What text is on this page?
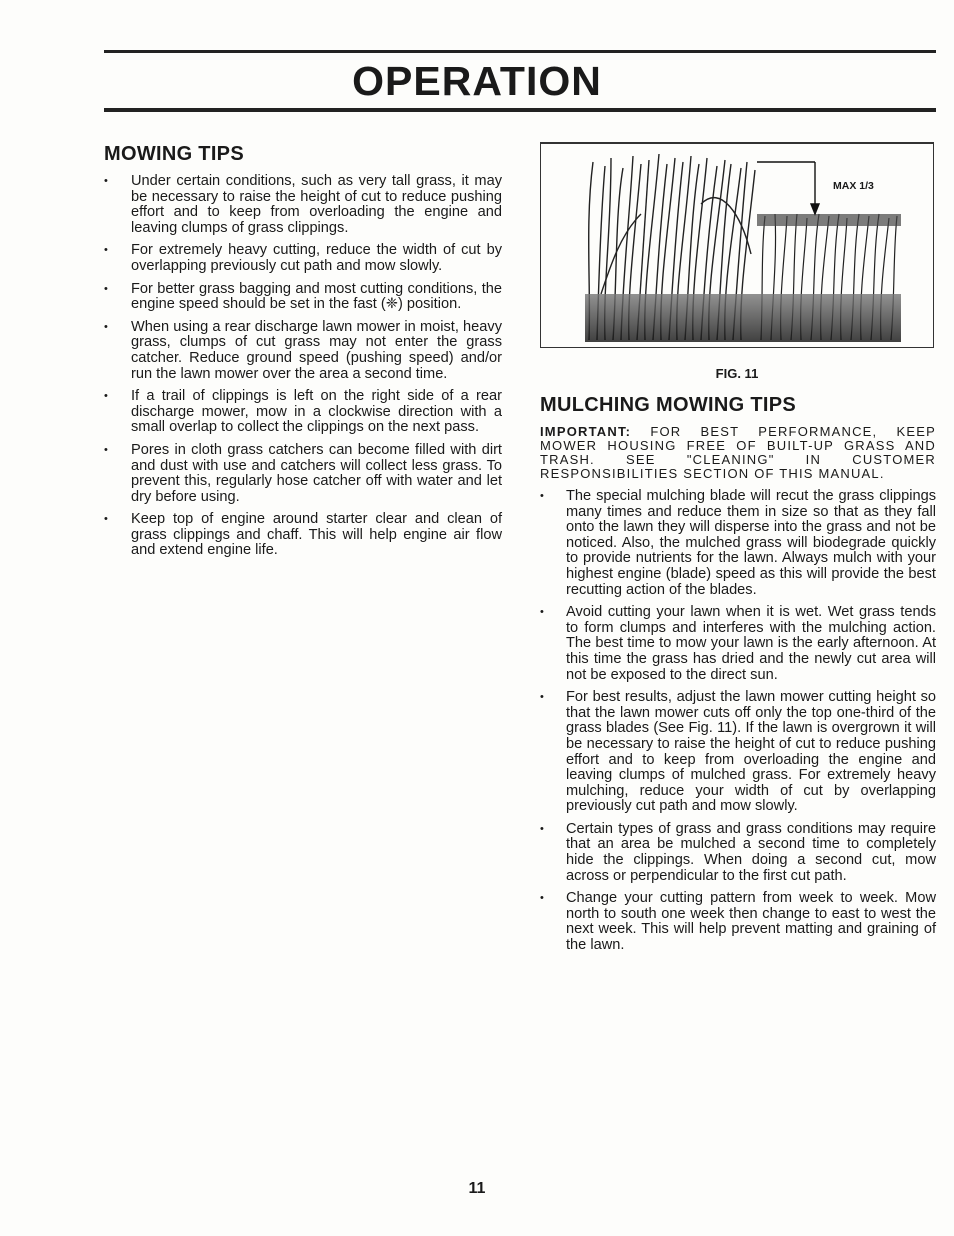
OPERATION
MOWING TIPS
• Under certain conditions, such as very tall grass, it may be necessary to raise the height of cut to reduce pushing effort and to keep from overloading the engine and leaving clumps of grass clippings.
• For extremely heavy cutting, reduce the width of cut by overlapping previously cut path and mow slowly.
• For better grass bagging and most cutting conditions, the engine speed should be set in the fast (❈) position.
• When using a rear discharge lawn mower in moist, heavy grass, clumps of cut grass may not enter the grass catcher. Reduce ground speed (pushing speed) and/or run the lawn mower over the area a second time.
• If a trail of clippings is left on the right side of a rear discharge mower, mow in a clockwise direction with a small overlap to collect the clippings on the next pass.
• Pores in cloth grass catchers can become filled with dirt and dust with use and catchers will collect less grass. To prevent this, regularly hose catcher off with water and let dry before using.
• Keep top of engine around starter clear and clean of grass clippings and chaff. This will help engine air flow and extend engine life.
MAX 1/3
FIG. 11
MULCHING MOWING TIPS

IMPORTANT: FOR BEST PERFORMANCE, KEEP MOWER HOUSING FREE OF BUILT-UP GRASS AND TRASH. SEE "CLEANING" IN CUSTOMER RESPONSIBILITIES SECTION OF THIS MANUAL.

• The special mulching blade will recut the grass clippings many times and reduce them in size so that as they fall onto the lawn they will disperse into the grass and not be noticed. Also, the mulched grass will biodegrade quickly to provide nutrients for the lawn. Always mulch with your highest engine (blade) speed as this will provide the best recutting action of the blades.
• Avoid cutting your lawn when it is wet. Wet grass tends to form clumps and interferes with the mulching action. The best time to mow your lawn is the early afternoon. At this time the grass has dried and the newly cut area will not be exposed to the direct sun.
• For best results, adjust the lawn mower cutting height so that the lawn mower cuts off only the top one-third of the grass blades (See Fig. 11). If the lawn is overgrown it will be necessary to raise the height of cut to reduce pushing effort and to keep from overloading the engine and leaving clumps of mulched grass. For extremely heavy mulching, reduce your width of cut by overlapping previously cut path and mow slowly.
• Certain types of grass and grass conditions may require that an area be mulched a second time to completely hide the clippings. When doing a second cut, mow across or perpendicular to the first cut path.
• Change your cutting pattern from week to week. Mow north to south one week then change to east to west the next week. This will help prevent matting and graining of the lawn.
11
